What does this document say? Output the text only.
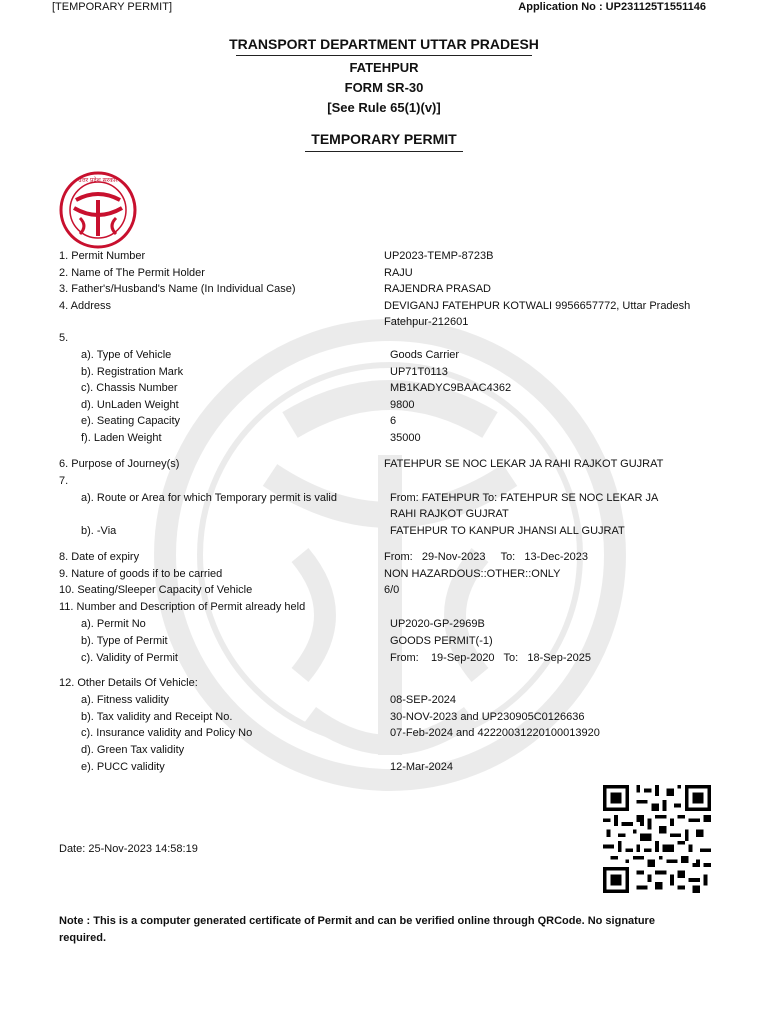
[TEMPORARY PERMIT]	Application No : UP231125T1551146
TRANSPORT DEPARTMENT UTTAR PRADESH
FATEHPUR
FORM SR-30
[See Rule 65(1)(v)]
TEMPORARY PERMIT
उत्तर प्रदेश सरकार
1. Permit Number	UP2023-TEMP-8723B
2. Name of The Permit Holder	RAJU
3. Father's/Husband's Name (In Individual Case)	RAJENDRA PRASAD
4. Address	DEVIGANJ FATEHPUR KOTWALI 9956657772, Uttar Pradesh
Fatehpur-212601
5.
a). Type of Vehicle	Goods Carrier
b). Registration Mark	UP71T0113
c). Chassis Number	MB1KADYC9BAAC4362
d). UnLaden Weight	9800
e). Seating Capacity	6
f). Laden Weight	35000
6. Purpose of Journey(s)	FATEHPUR SE NOC LEKAR JA RAHI RAJKOT GUJRAT
7.
a). Route or Area for which Temporary permit is valid	From: FATEHPUR To: FATEHPUR SE NOC LEKAR JA
RAHI RAJKOT GUJRAT
b). -Via	FATEHPUR TO KANPUR JHANSI ALL GUJRAT
8. Date of expiry	From:   29-Nov-2023     To:   13-Dec-2023
9. Nature of goods if to be carried	NON HAZARDOUS::OTHER::ONLY
10. Seating/Sleeper Capacity of Vehicle	6/0
11. Number and Description of Permit already held
a). Permit No	UP2020-GP-2969B
b). Type of Permit	GOODS PERMIT(-1)
c). Validity of Permit	From:    19-Sep-2020   To:   18-Sep-2025
12. Other Details Of Vehicle:
a). Fitness validity	08-SEP-2024
b). Tax validity and Receipt No.	30-NOV-2023 and UP230905C0126636
c). Insurance validity and Policy No	07-Feb-2024 and 42220031220100013920
d). Green Tax validity
e). PUCC validity	12-Mar-2024
Date: 25-Nov-2023 14:58:19
Note : This is a computer generated certificate of Permit and can be verified online through QRCode. No signature
required.
